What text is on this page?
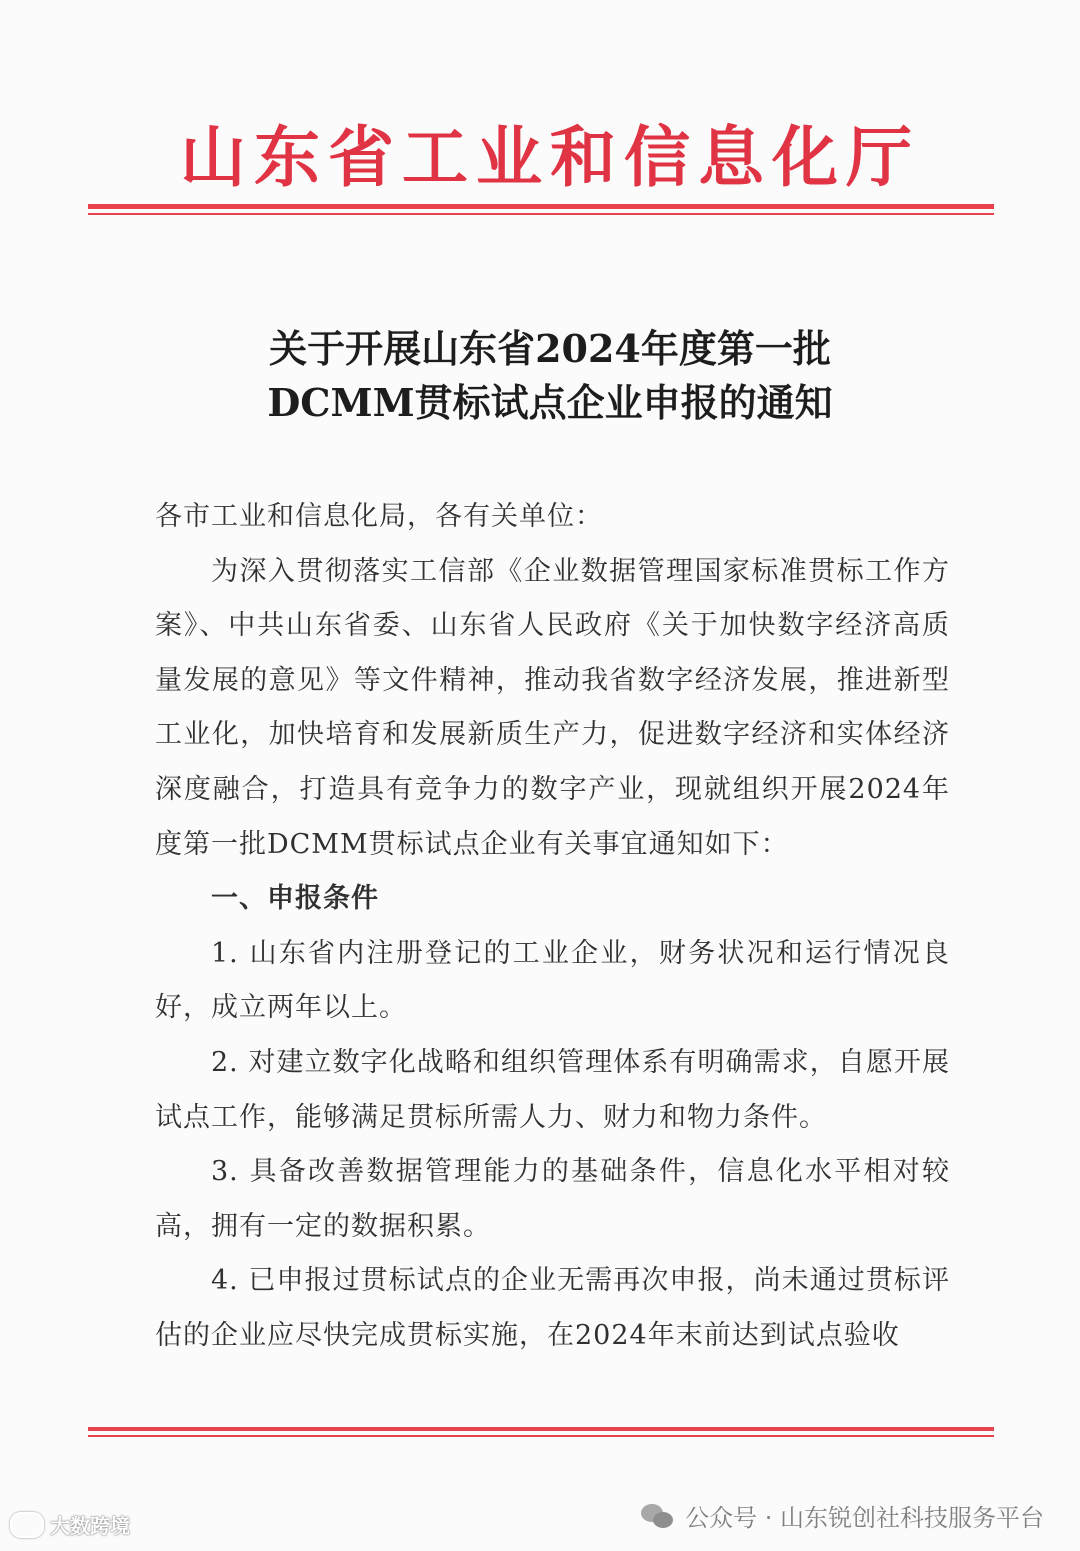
山东省工业和信息化厅
关于开展山东省2024年度第一批
DCMM贯标试点企业申报的通知

各市工业和信息化局，各有关单位：

为深入贯彻落实工信部《企业数据管理国家标准贯标工作方案》、中共山东省委、山东省人民政府《关于加快数字经济高质量发展的意见》等文件精神，推动我省数字经济发展，推进新型工业化，加快培育和发展新质生产力，促进数字经济和实体经济深度融合，打造具有竞争力的数字产业，现就组织开展2024年度第一批DCMM贯标试点企业有关事宜通知如下：

一、申报条件

1. 山东省内注册登记的工业企业，财务状况和运行情况良好，成立两年以上。

2. 对建立数字化战略和组织管理体系有明确需求，自愿开展试点工作，能够满足贯标所需人力、财力和物力条件。

3. 具备改善数据管理能力的基础条件，信息化水平相对较高，拥有一定的数据积累。

4. 已申报过贯标试点的企业无需再次申报，尚未通过贯标评估的企业应尽快完成贯标实施，在2024年末前达到试点验收

公众号 · 山东锐创社科技服务平台
大数跨境
